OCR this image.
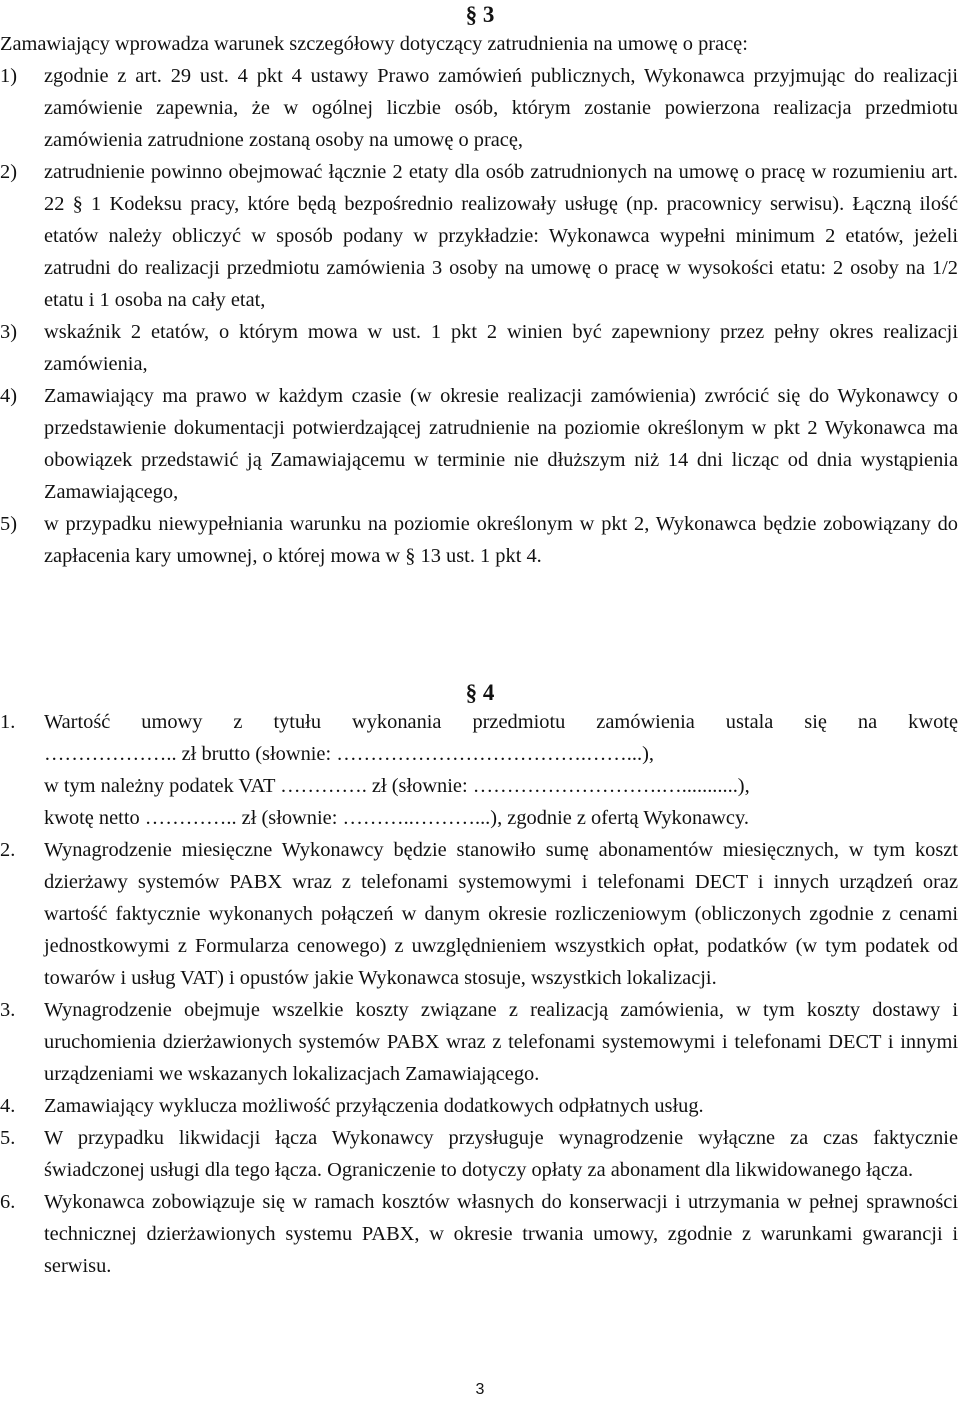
§ 3

Zamawiający wprowadza warunek szczegółowy dotyczący zatrudnienia na umowę o pracę:

1)	zgodnie z art. 29 ust. 4 pkt 4 ustawy Prawo zamówień publicznych, Wykonawca przyjmując do realizacji zamówienie zapewnia, że w ogólnej liczbie osób, którym zostanie powierzona realizacja przedmiotu zamówienia zatrudnione zostaną osoby na umowę o pracę,
2)	zatrudnienie powinno obejmować łącznie 2 etaty dla osób zatrudnionych na umowę o pracę w rozumieniu art. 22 § 1 Kodeksu pracy, które będą bezpośrednio realizowały usługę (np. pracownicy serwisu). Łączną ilość etatów należy obliczyć w sposób podany w przykładzie: Wykonawca wypełni minimum 2 etatów, jeżeli zatrudni do realizacji przedmiotu zamówienia 3 osoby na umowę o pracę w wysokości etatu: 2 osoby na 1/2 etatu i 1 osoba na cały etat,
3)	wskaźnik 2 etatów, o którym mowa w ust. 1 pkt 2 winien być zapewniony przez pełny okres realizacji zamówienia,
4)	Zamawiający ma prawo w każdym czasie (w okresie realizacji zamówienia) zwrócić się do Wykonawcy o przedstawienie dokumentacji potwierdzającej zatrudnienie na poziomie określonym w pkt 2 Wykonawca ma obowiązek przedstawić ją Zamawiającemu w terminie nie dłuższym niż 14 dni licząc od dnia wystąpienia Zamawiającego,
5)	w przypadku niewypełniania warunku na poziomie określonym w pkt 2, Wykonawca będzie zobowiązany do zapłacenia kary umownej, o której mowa w § 13 ust. 1 pkt 4.
§ 4
1. Wartość umowy z tytułu wykonania przedmiotu zamówienia ustala się na kwotę

……………….. zł brutto (słownie: ……………………………….……...),

w tym należny podatek VAT …………. zł (słownie: ……………………….…...........),

kwotę netto ………….. zł (słownie: ………..………...), zgodnie z ofertą Wykonawcy.

2.	Wynagrodzenie miesięczne Wykonawcy będzie stanowiło sumę abonamentów miesięcznych, w tym koszt dzierżawy systemów PABX wraz z telefonami systemowymi i telefonami DECT i innych urządzeń oraz wartość faktycznie wykonanych połączeń w danym okresie rozliczeniowym (obliczonych zgodnie z cenami jednostkowymi z Formularza cenowego) z uwzględnieniem wszystkich opłat, podatków (w tym podatek od towarów i usług VAT) i opustów jakie Wykonawca stosuje, wszystkich lokalizacji.
3.	Wynagrodzenie obejmuje wszelkie koszty związane z realizacją zamówienia, w tym koszty dostawy i uruchomienia dzierżawionych systemów PABX wraz z telefonami systemowymi i telefonami DECT i innymi urządzeniami we wskazanych lokalizacjach Zamawiającego.
4.	Zamawiający wyklucza możliwość przyłączenia dodatkowych odpłatnych usług.
5.	W przypadku likwidacji łącza Wykonawcy przysługuje wynagrodzenie wyłączne za czas faktycznie świadczonej usługi dla tego łącza. Ograniczenie to dotyczy opłaty za abonament dla likwidowanego łącza.
6.	Wykonawca zobowiązuje się w ramach kosztów własnych do konserwacji i utrzymania w pełnej sprawności technicznej dzierżawionych systemu PABX, w okresie trwania umowy, zgodnie z warunkami gwarancji i serwisu.
3
